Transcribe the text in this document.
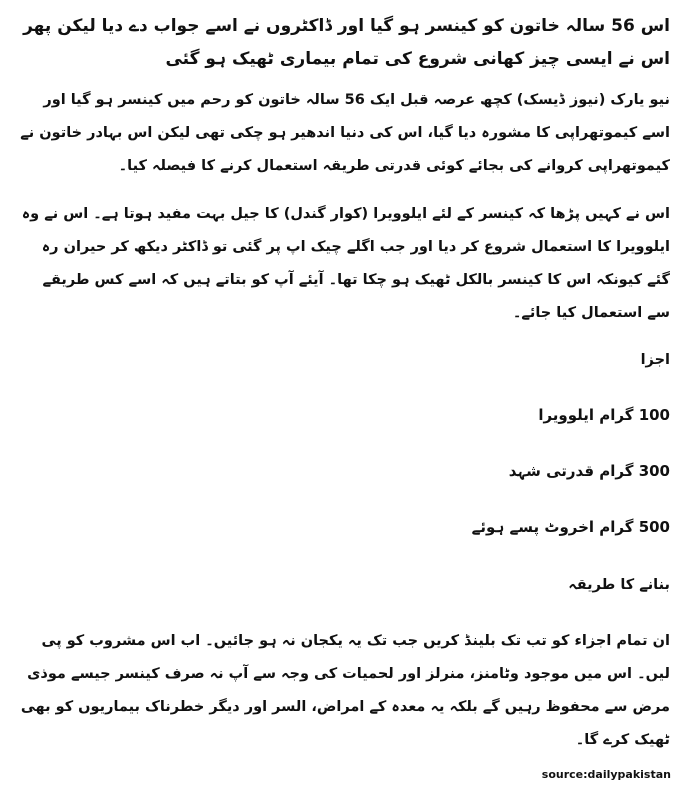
اس 56 سالہ خاتون کو کینسر ہو گیا اور ڈاکٹروں نے اسے جواب دے دیا لیکن پھر اس نے ایسی چیز کھانی شروع کی تمام بیماری ٹھیک ہو گئی
نیو یارک (نیوز ڈیسک) کچھ عرصہ قبل ایک 56 سالہ خاتون کو رحم میں کینسر ہو گیا اور اسے کیموتھراپی کا مشورہ دیا گیا، اس کی دنیا اندھیر ہو چکی تھی لیکن اس بہادر خاتون نے کیموتھراپی کروانے کی بجائے کوئی قدرتی طریقہ استعمال کرنے کا فیصلہ کیا۔
اس نے کہیں پڑھا کہ کینسر کے لئے ایلوویرا (کوار گندل) کا جیل بہت مفید ہوتا ہے۔ اس نے وہ ایلوویرا کا استعمال شروع کر دیا اور جب اگلے چیک اپ پر گئی تو ڈاکٹر دیکھ کر حیران رہ گئے کیونکہ اس کا کینسر بالکل ٹھیک ہو چکا تھا۔ آیئے آپ کو بتاتے ہیں کہ اسے کس طریقے سے استعمال کیا جائے۔
اجزا
100 گرام ایلوویرا
300 گرام قدرتی شہد
500 گرام اخروٹ پسے ہوئے
بنانے کا طریقہ
ان تمام اجزاء کو تب تک بلینڈ کریں جب تک یہ یکجان نہ ہو جائیں۔ اب اس مشروب کو پی لیں۔ اس میں موجود وٹامنز، منرلز اور لحمیات کی وجہ سے آپ نہ صرف کینسر جیسے موذی مرض سے محفوظ رہیں گے بلکہ یہ معدہ کے امراض، السر اور دیگر خطرناک بیماریوں کو بھی ٹھیک کرے گا۔
source:dailypakistan
